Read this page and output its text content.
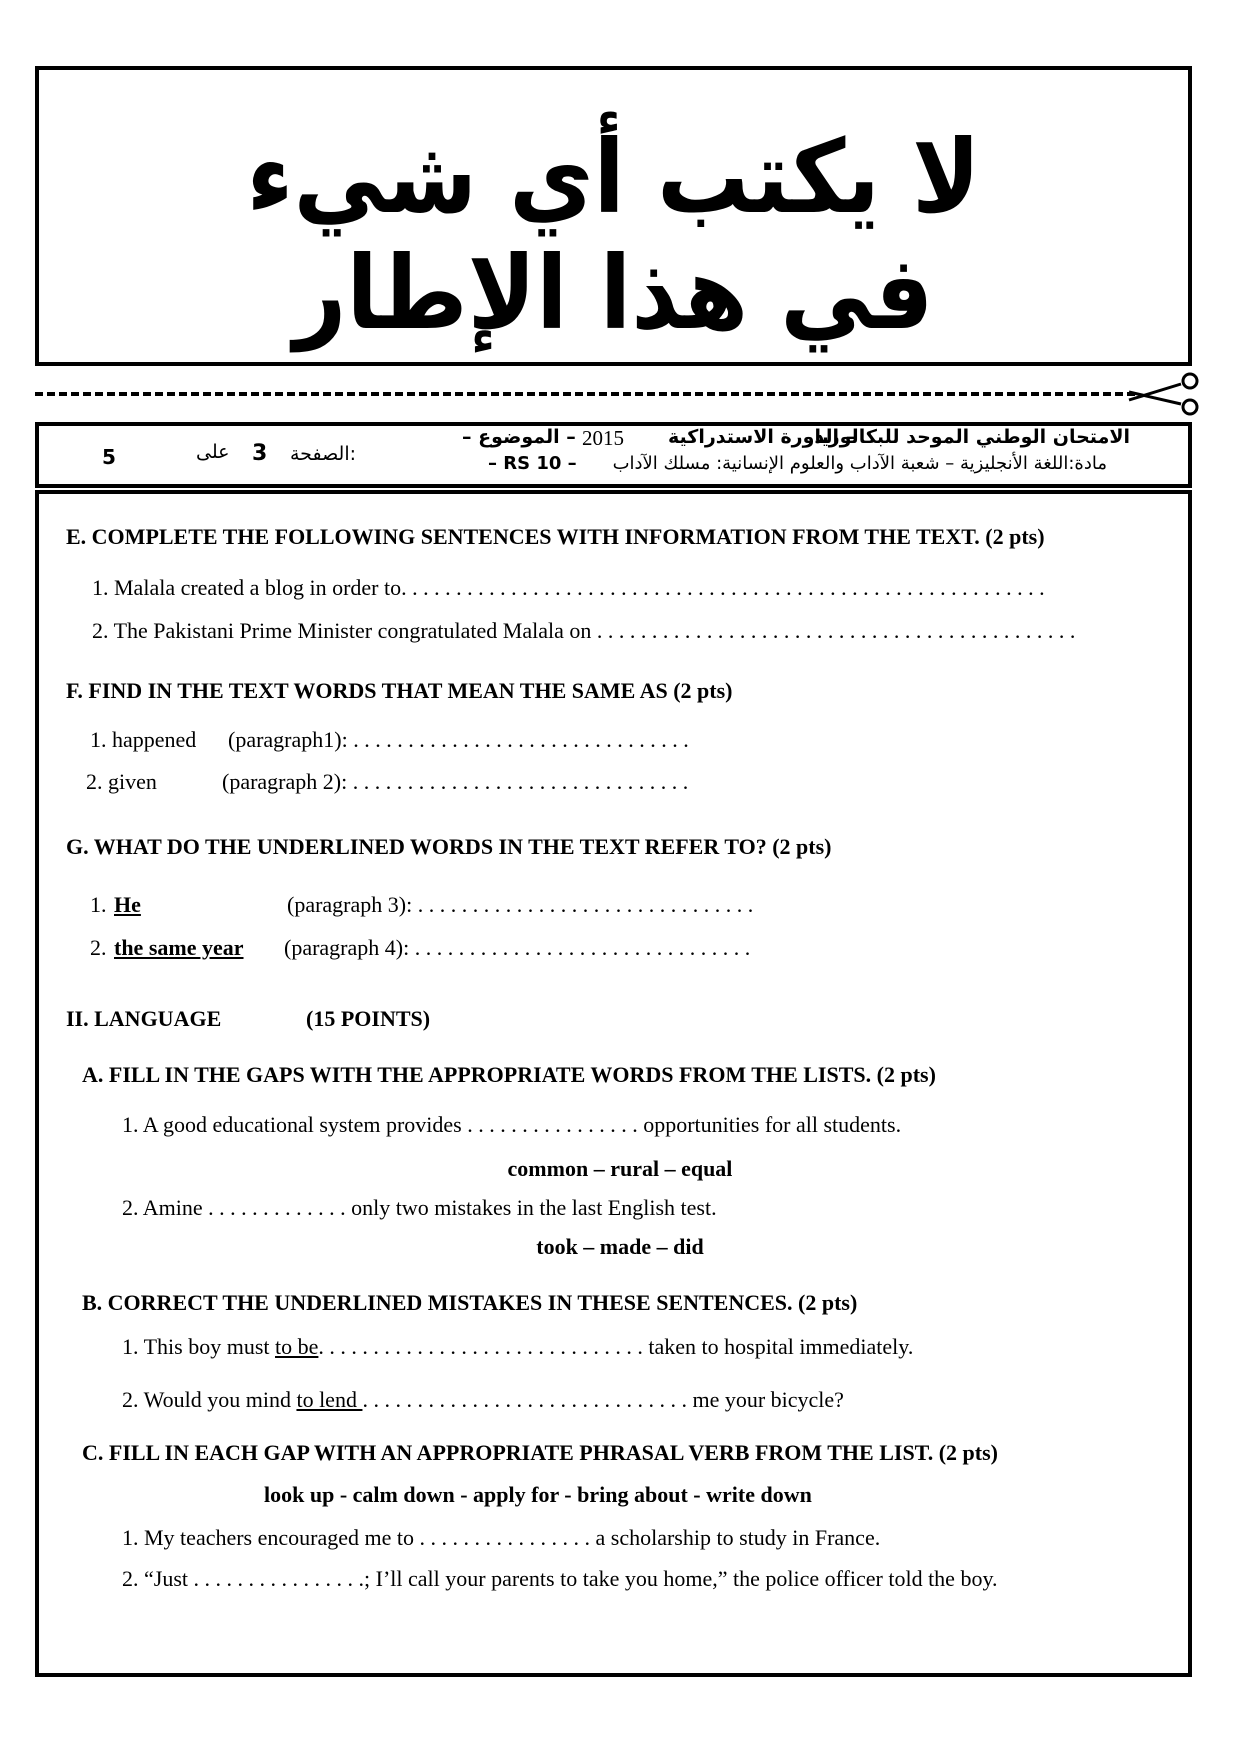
لا يكتب أي شيء
في هذا الإطار
الامتحان الوطني الموحد للبكالوريا
– الدورة الاستدراكية
2015
– الموضوع –
مادة:اللغة الأنجليزية – شعبة الآداب والعلوم الإنسانية: مسلك الآداب
– RS 10 –
الصفحة:
3
على
5
E. COMPLETE THE FOLLOWING SENTENCES WITH INFORMATION FROM THE TEXT. (2 pts)
1. Malala created a blog in order to. . . . . . . . . . . . . . . . . . . . . . . . . . . . . . . . . . . . . . . . . . . . . . . . . . . . . . . . . . .
2. The Pakistani Prime Minister congratulated Malala on . . . . . . . . . . . . . . . . . . . . . . . . . . . . . . . . . . . . . . . . . . . .
F. FIND IN THE TEXT WORDS THAT MEAN THE SAME AS (2 pts)
1. happened (paragraph1): . . . . . . . . . . . . . . . . . . . . . . . . . . . . . . .
2. given	(paragraph 2): . . . . . . . . . . . . . . . . . . . . . . . . . . . . . . .
G. WHAT DO THE UNDERLINED WORDS IN THE TEXT REFER TO? (2 pts)
1. He	(paragraph 3): . . . . . . . . . . . . . . . . . . . . . . . . . . . . . . .
2. the same year (paragraph 4): . . . . . . . . . . . . . . . . . . . . . . . . . . . . . . .
II. LANGUAGE	(15 POINTS)
A. FILL IN THE GAPS WITH THE APPROPRIATE WORDS FROM THE LISTS. (2 pts)
1. A good educational system provides . . . . . . . . . . . . . . . . opportunities for all students.
common – rural – equal
2. Amine . . . . . . . . . . . . . only two mistakes in the last English test.
took – made – did
B. CORRECT THE UNDERLINED MISTAKES IN THESE SENTENCES. (2 pts)
1. This boy must to be. . . . . . . . . . . . . . . . . . . . . . . . . . . . . . taken to hospital immediately.
2. Would you mind to lend . . . . . . . . . . . . . . . . . . . . . . . . . . . . . . me your bicycle?
C. FILL IN EACH GAP WITH AN APPROPRIATE PHRASAL VERB FROM THE LIST. (2 pts)
look up - calm down - apply for - bring about - write down
1. My teachers encouraged me to . . . . . . . . . . . . . . . . a scholarship to study in France.
2. “Just . . . . . . . . . . . . . . . .; I’ll call your parents to take you home,” the police officer told the boy.
